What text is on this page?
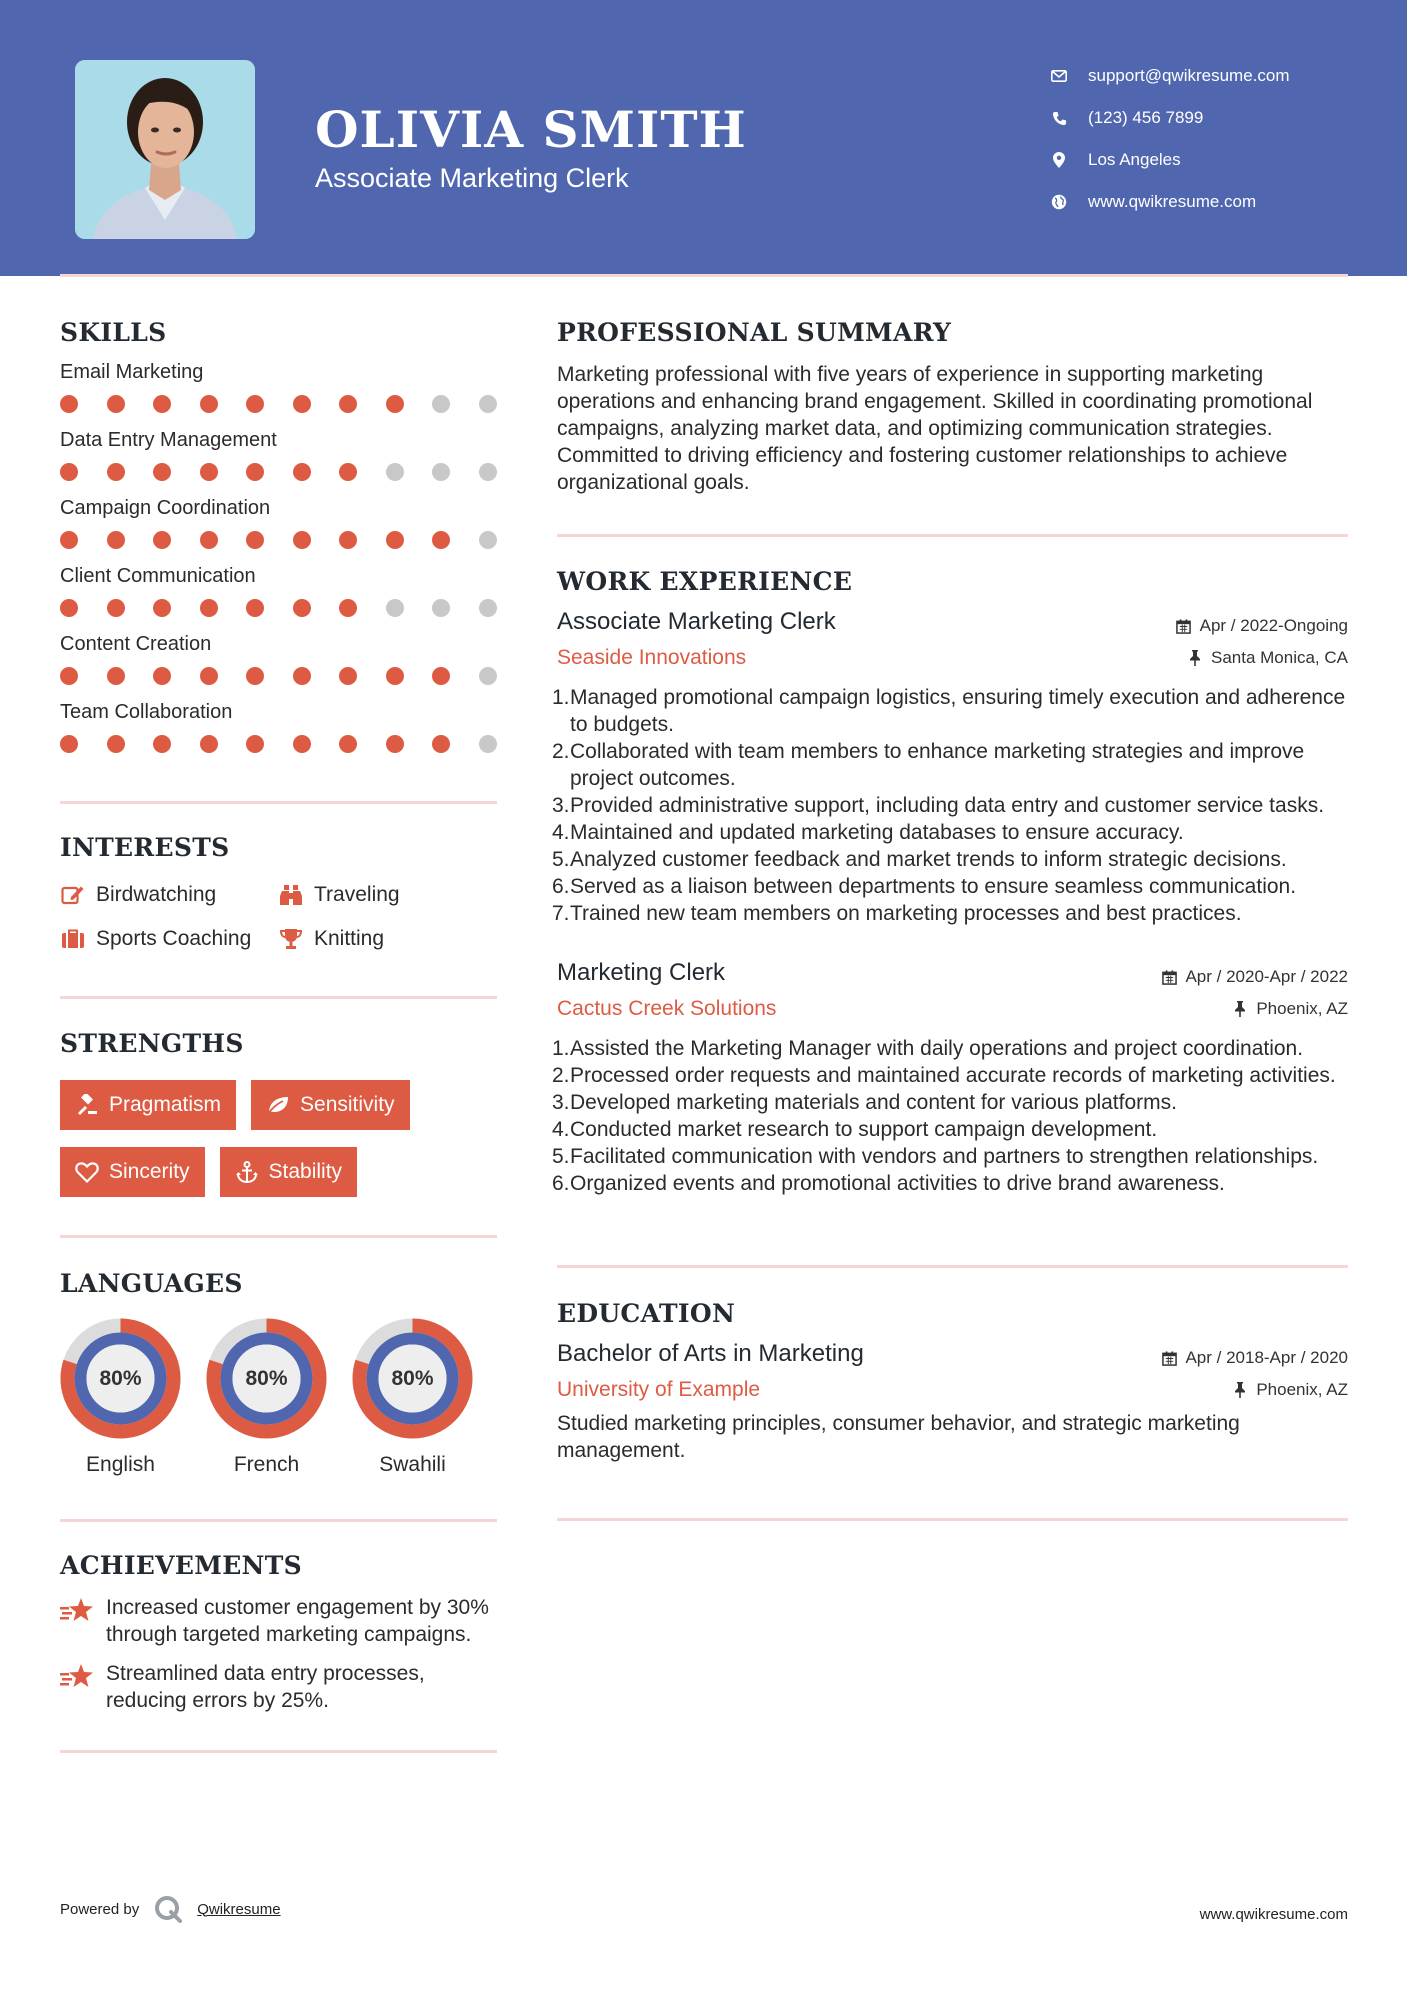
OLIVIA SMITH
Associate Marketing Clerk
support@qwikresume.com
(123) 456 7899
Los Angeles
www.qwikresume.com
SKILLS
Email Marketing
Data Entry Management
Campaign Coordination
Client Communication
Content Creation
Team Collaboration
INTERESTS
Birdwatching	Traveling
Sports Coaching	Knitting
STRENGTHS
Pragmatism	Sensitivity
Sincerity	Stability
LANGUAGES
80%
English
80%
French
80%
Swahili
ACHIEVEMENTS
Increased customer engagement by 30% through targeted marketing campaigns.
Streamlined data entry processes, reducing errors by 25%.
PROFESSIONAL SUMMARY
Marketing professional with five years of experience in supporting marketing operations and enhancing brand engagement. Skilled in coordinating promotional campaigns, analyzing market data, and optimizing communication strategies. Committed to driving efficiency and fostering customer relationships to achieve organizational goals.
WORK EXPERIENCE
Associate Marketing Clerk	Apr / 2022-Ongoing
Seaside Innovations	Santa Monica, CA
1. Managed promotional campaign logistics, ensuring timely execution and adherence to budgets.
2. Collaborated with team members to enhance marketing strategies and improve project outcomes.
3. Provided administrative support, including data entry and customer service tasks.
4. Maintained and updated marketing databases to ensure accuracy.
5. Analyzed customer feedback and market trends to inform strategic decisions.
6. Served as a liaison between departments to ensure seamless communication.
7. Trained new team members on marketing processes and best practices.
Marketing Clerk	Apr / 2020-Apr / 2022
Cactus Creek Solutions	Phoenix, AZ
1. Assisted the Marketing Manager with daily operations and project coordination.
2. Processed order requests and maintained accurate records of marketing activities.
3. Developed marketing materials and content for various platforms.
4. Conducted market research to support campaign development.
5. Facilitated communication with vendors and partners to strengthen relationships.
6. Organized events and promotional activities to drive brand awareness.
EDUCATION
Bachelor of Arts in Marketing	Apr / 2018-Apr / 2020
University of Example	Phoenix, AZ
Studied marketing principles, consumer behavior, and strategic marketing management.
Powered by	Qwikresume	www.qwikresume.com
